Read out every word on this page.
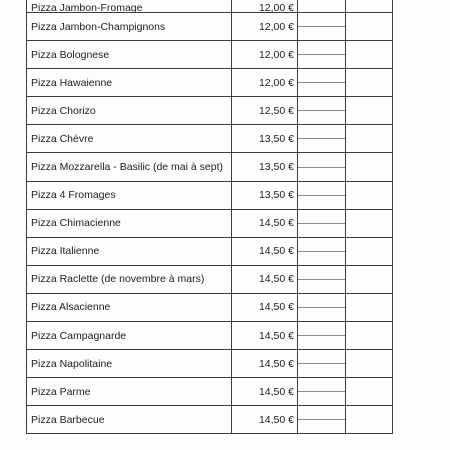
Pizza Jambon-Fromage	12,00 €	

Pizza Jambon-Champignons	12,00 €	

Pizza Bolognese	12,00 €	

Pizza Hawaienne	12,00 €	

Pizza Chorizo	12,50 €	

Pizza Chèvre	13,50 €	

Pizza Mozzarella - Basilic (de mai à sept)	13,50 €	

Pizza 4 Fromages	13,50 €	

Pizza Chimacienne	14,50 €	

Pizza Italienne	14,50 €	

Pizza Raclette (de novembre à mars)	14,50 €	

Pizza Alsacienne	14,50 €	

Pizza Campagnarde	14,50 €	

Pizza Napolitaine	14,50 €	

Pizza Parme	14,50 €	

Pizza Barbecue	14,50 €	
